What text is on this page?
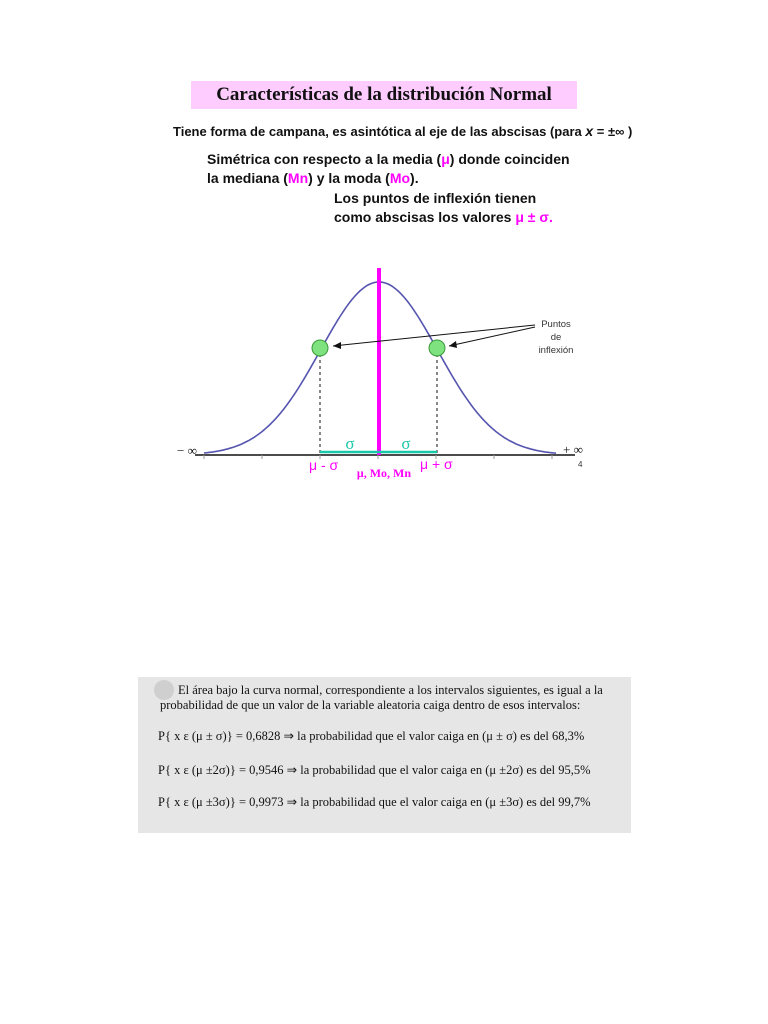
Características de la distribución Normal
Tiene forma de campana, es asintótica al eje de las abscisas (para x = ±∞ )
Simétrica con respecto a la media (μ) donde coinciden
la mediana (Mn) y la moda (Mo).
Los puntos de inflexión tienen
como abscisas los valores μ ± σ.
Puntos
de
inflexión
− ∞	+ ∞
4
σ	σ
μ - σ	μ + σ
μ, Mo, Mn
El área bajo la curva normal, correspondiente a los intervalos siguientes, es igual a la probabilidad de que un valor de la variable aleatoria caiga dentro de esos intervalos:
P{ x ε (μ ± σ)} = 0,6828 ⇒ la probabilidad que el valor caiga en (μ ± σ) es del 68,3%
P{ x ε (μ ±2σ)} = 0,9546 ⇒ la probabilidad que el valor caiga en (μ ±2σ) es del 95,5%
P{ x ε (μ ±3σ)} = 0,9973 ⇒ la probabilidad que el valor caiga en (μ ±3σ) es del 99,7%
